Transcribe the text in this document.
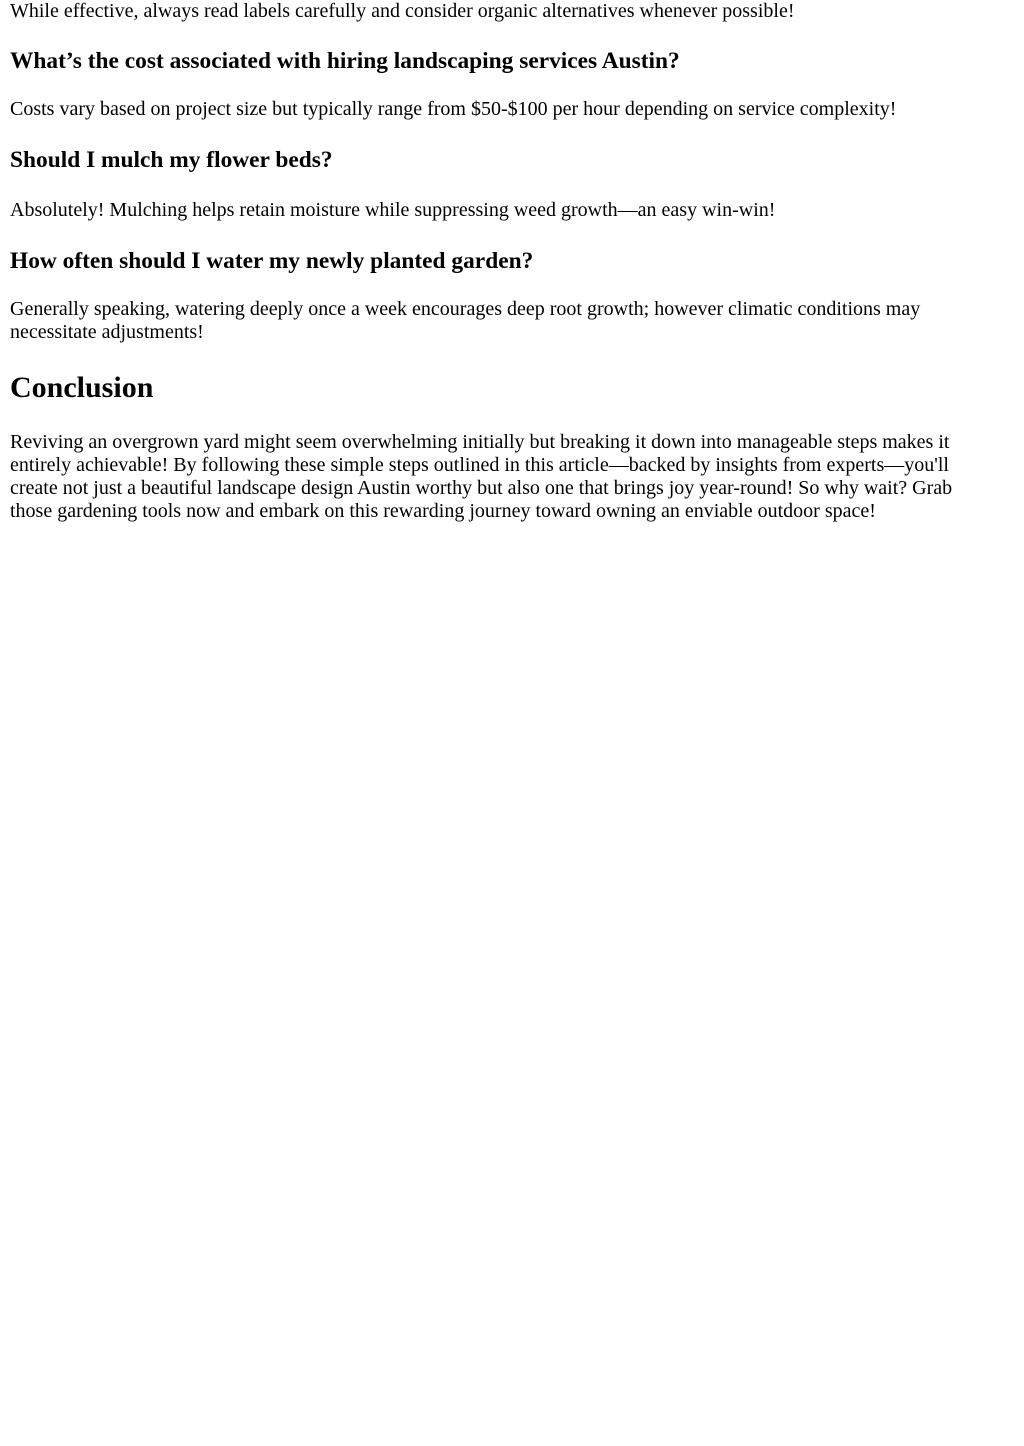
While effective, always read labels carefully and consider organic alternatives whenever possible!

What’s the cost associated with hiring landscaping services Austin?

Costs vary based on project size but typically range from $50-$100 per hour depending on service complexity!

Should I mulch my flower beds?

Absolutely! Mulching helps retain moisture while suppressing weed growth—an easy win-win!

How often should I water my newly planted garden?

Generally speaking, watering deeply once a week encourages deep root growth; however climatic conditions may necessitate adjustments!

Conclusion

Reviving an overgrown yard might seem overwhelming initially but breaking it down into manageable steps makes it entirely achievable! By following these simple steps outlined in this article—backed by insights from experts—you'll create not just a beautiful landscape design Austin worthy but also one that brings joy year-round! So why wait? Grab those gardening tools now and embark on this rewarding journey toward owning an enviable outdoor space!
